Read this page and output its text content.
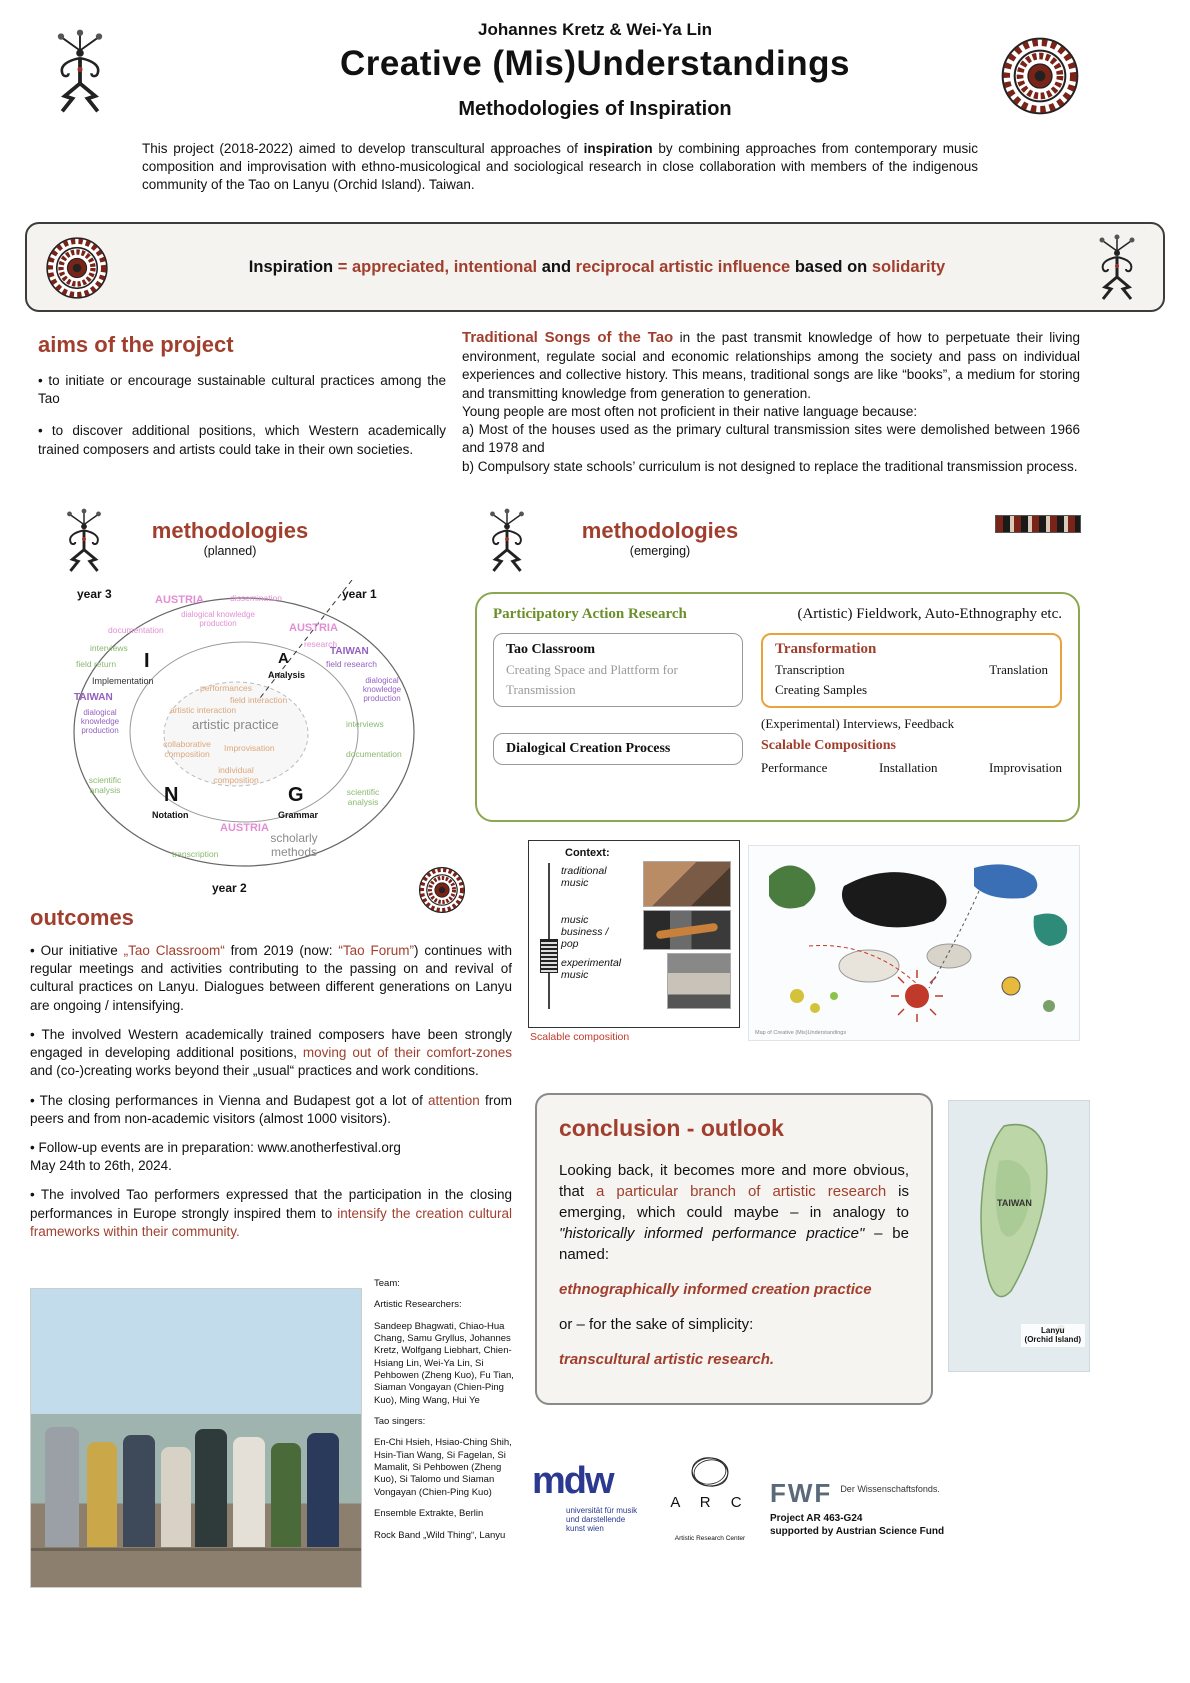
Johannes Kretz & Wei-Ya Lin
Creative (Mis)Understandings
Methodologies of Inspiration

This project (2018-2022) aimed to develop transcultural approaches of inspiration by combining approaches from contemporary music composition and improvisation with ethno-musicological and sociological research in close collaboration with members of the indigenous community of the Tao on Lanyu (Orchid Island). Taiwan.

Inspiration = appreciated, intentional and reciprocal artistic influence based on solidarity
aims of the project

• to initiate or encourage sustainable cultural practices among the Tao

• to discover additional positions, which Western academically trained composers and artists could take in their own societies.

Traditional Songs of the Tao in the past transmit knowledge of how to perpetuate their living environment, regulate social and economic relationships among the society and pass on individual experiences and collective history. This means, traditional songs are like “books”, a medium for storing and transmitting knowledge from generation to generation.

Young people are most often not proficient in their native language because:

a) Most of the houses used as the primary cultural transmission sites were demolished between 1966 and 1978 and

b) Compulsory state schools’ curriculum is not designed to replace the traditional transmission process.

methodologies
(planned)
year 3	year 1
year 2
AUSTRIA	dissemination
dialogical knowledge production	AUSTRIA
research
documentation
interviews
field return I	A
Analysis
TAIWAN
field research
Implementation
TAIWAN
dialogical knowledge production
dialogical knowledge production
performances
field interaction
artistic interaction
artistic practice	interviews
collaborative composition
Improvisation
documentation
individual composition
scientific analysis	scientific analysis
N
Notation
G
Grammar
AUSTRIA
scholarly methods
transcription
methodologies
(emerging)
Participatory Action Research	(Artistic) Fieldwork, Auto-Ethnography etc.
Tao Classroom
Creating Space and Plattform for
Transmission
Dialogical Creation Process
Transformation
Transcription	Translation
Creating Samples
(Experimental) Interviews, Feedback
Scalable Compositions
Performance	Installation	Improvisation
Context:
traditional music
music business / pop
experimental music
Scalable composition	Map of Creative (Mis)Understandings
outcomes

• Our initiative „Tao Classroom“ from 2019 (now: “Tao Forum”) continues with regular meetings and activities contributing to the passing on and revival of cultural practices on Lanyu. Dialogues between different generations on Lanyu are ongoing / intensifying.

• The involved Western academically trained composers have been strongly engaged in developing additional positions, moving out of their comfort-zones and (co-)creating works beyond their „usual“ practices and work conditions.

• The closing performances in Vienna and Budapest got a lot of attention from peers and from non-academic visitors (almost 1000 visitors).

• Follow-up events are in preparation: www.anotherfestival.org
May 24th to 26th, 2024.

• The involved Tao performers expressed that the participation in the closing performances in Europe strongly inspired them to intensify the creation cultural frameworks within their community.

conclusion - outlook

Looking back, it becomes more and more obvious, that a particular branch of artistic research is emerging, which could maybe – in analogy to "historically informed performance practice" – be named:

ethnographically informed creation practice

or – for the sake of simplicity:

transcultural artistic research.
TAIWAN
Lanyu
(Orchid Island)
Team:
Artistic Researchers:
Sandeep Bhagwati, Chiao-Hua Chang, Samu Gryllus, Johannes Kretz, Wolfgang Liebhart, Chien-Hsiang Lin, Wei-Ya Lin, Si Pehbowen (Zheng Kuo), Fu Tian, Siaman Vongayan (Chien-Ping Kuo), Ming Wang, Hui Ye
Tao singers:
En-Chi Hsieh, Hsiao-Ching Shih, Hsin-Tian Wang, Si Fagelan, Si Mamalit, Si Pehbowen (Zheng Kuo), Si Talomo und Siaman Vongayan (Chien-Ping Kuo)
Ensemble Extrakte, Berlin
Rock Band „Wild Thing“, Lanyu
mdw
universität für musik und darstellende kunst wien
A R C
Artistic Research Center
FWF Der Wissenschaftsfonds.
Project AR 463-G24
supported by Austrian Science Fund
